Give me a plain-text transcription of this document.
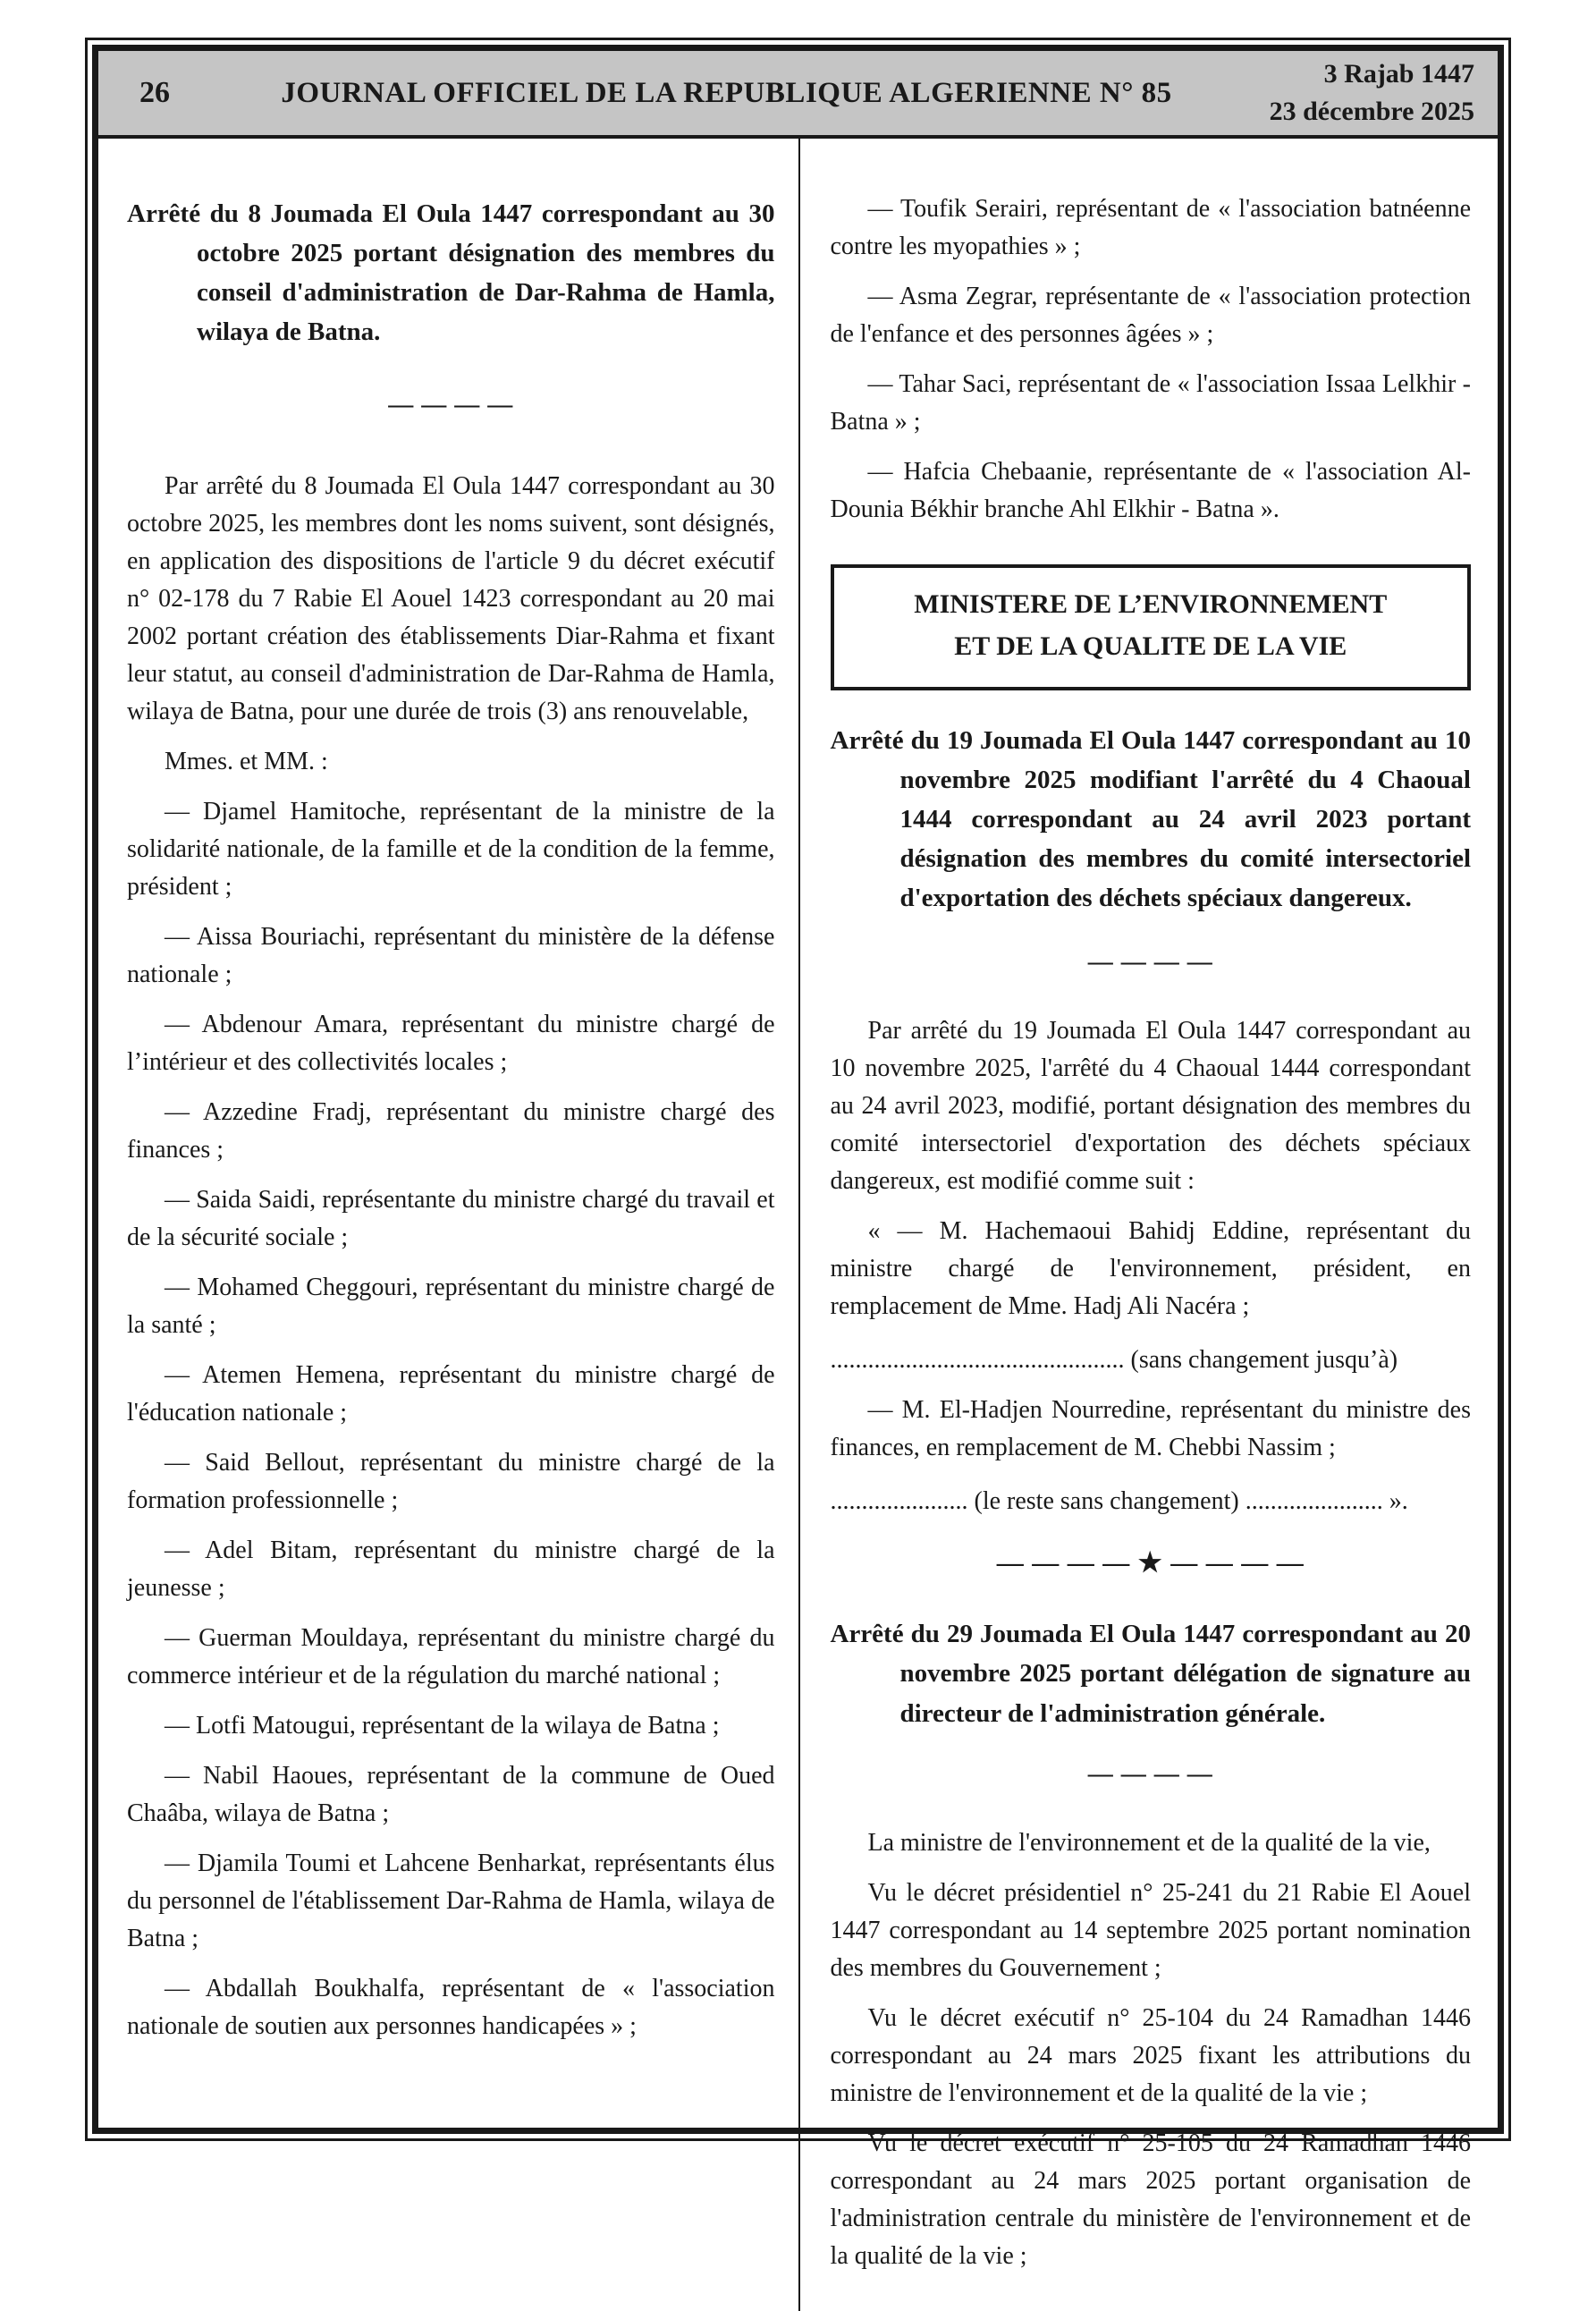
26	JOURNAL OFFICIEL DE LA REPUBLIQUE ALGERIENNE N° 85
3 Rajab 1447
23 décembre 2025
Arrêté du 8 Joumada El Oula 1447 correspondant au 30 octobre 2025 portant désignation des membres du conseil d'administration de Dar-Rahma de Hamla, wilaya de Batna.
— — — —

Par arrêté du 8 Joumada El Oula 1447 correspondant au 30 octobre 2025, les membres dont les noms suivent, sont désignés, en application des dispositions de l'article 9 du décret exécutif n° 02-178 du 7 Rabie El Aouel 1423 correspondant au 20 mai 2002 portant création des établissements Diar-Rahma et fixant leur statut, au conseil d'administration de Dar-Rahma de Hamla, wilaya de Batna, pour une durée de trois (3) ans renouvelable,

Mmes. et MM. :

— Djamel Hamitoche, représentant de la ministre de la solidarité nationale, de la famille et de la condition de la femme, président ;

— Aissa Bouriachi, représentant du ministère de la défense nationale ;

— Abdenour Amara, représentant du ministre chargé de l’intérieur et des collectivités locales ;

— Azzedine Fradj, représentant du ministre chargé des finances ;

— Saida Saidi, représentante du ministre chargé du travail et de la sécurité sociale ;

— Mohamed Cheggouri, représentant du ministre chargé de la santé ;

— Atemen Hemena, représentant du ministre chargé de l'éducation nationale ;

— Said Bellout, représentant du ministre chargé de la formation professionnelle ;

— Adel Bitam, représentant du ministre chargé de la jeunesse ;

— Guerman Mouldaya, représentant du ministre chargé du commerce intérieur et de la régulation du marché national ;

— Lotfi Matougui, représentant de la wilaya de Batna ;

— Nabil Haoues, représentant de la commune de Oued Chaâba, wilaya de Batna ;

— Djamila Toumi et Lahcene Benharkat, représentants élus du personnel de l'établissement Dar-Rahma de Hamla, wilaya de Batna ;

— Abdallah Boukhalfa, représentant de « l'association nationale de soutien aux personnes handicapées » ;

— Toufik Serairi, représentant de « l'association batnéenne contre les myopathies » ;

— Asma Zegrar, représentante de « l'association protection de l'enfance et des personnes âgées » ;

— Tahar Saci, représentant de « l'association Issaa Lelkhir - Batna » ;

— Hafcia Chebaanie, représentante de « l'association Al-Dounia Békhir branche Ahl Elkhir - Batna ».

MINISTERE DE L’ENVIRONNEMENT
ET DE LA QUALITE DE LA VIE
Arrêté du 19 Joumada El Oula 1447 correspondant au 10 novembre 2025 modifiant l'arrêté du 4 Chaoual 1444 correspondant au 24 avril 2023 portant désignation des membres du comité intersectoriel d'exportation des déchets spéciaux dangereux.
— — — —

Par arrêté du 19 Joumada El Oula 1447 correspondant au 10 novembre 2025, l'arrêté du 4 Chaoual 1444 correspondant au 24 avril 2023, modifié, portant désignation des membres du comité intersectoriel d'exportation des déchets spéciaux dangereux, est modifié comme suit :

« — M. Hachemaoui Bahidj Eddine, représentant du ministre chargé de l'environnement, président, en remplacement de Mme. Hadj Ali Nacéra ;

............................................... (sans changement jusqu’à)

— M. El-Hadjen Nourredine, représentant du ministre des finances, en remplacement de M. Chebbi Nassim ;

...................... (le reste sans changement) ...................... ».

— — — — ★ — — — —
Arrêté du 29 Joumada El Oula 1447 correspondant au 20 novembre 2025 portant délégation de signature au directeur de l'administration générale.
— — — —

La ministre de l'environnement et de la qualité de la vie,

Vu le décret présidentiel n° 25-241 du 21 Rabie El Aouel 1447 correspondant au 14 septembre 2025 portant nomination des membres du Gouvernement ;

Vu le décret exécutif n° 25-104 du 24 Ramadhan 1446 correspondant au 24 mars 2025 fixant les attributions du ministre de l'environnement et de la qualité de la vie ;

Vu le décret exécutif n° 25-105 du 24 Ramadhan 1446 correspondant au 24 mars 2025 portant organisation de l'administration centrale du ministère de l'environnement et de la qualité de la vie ;
